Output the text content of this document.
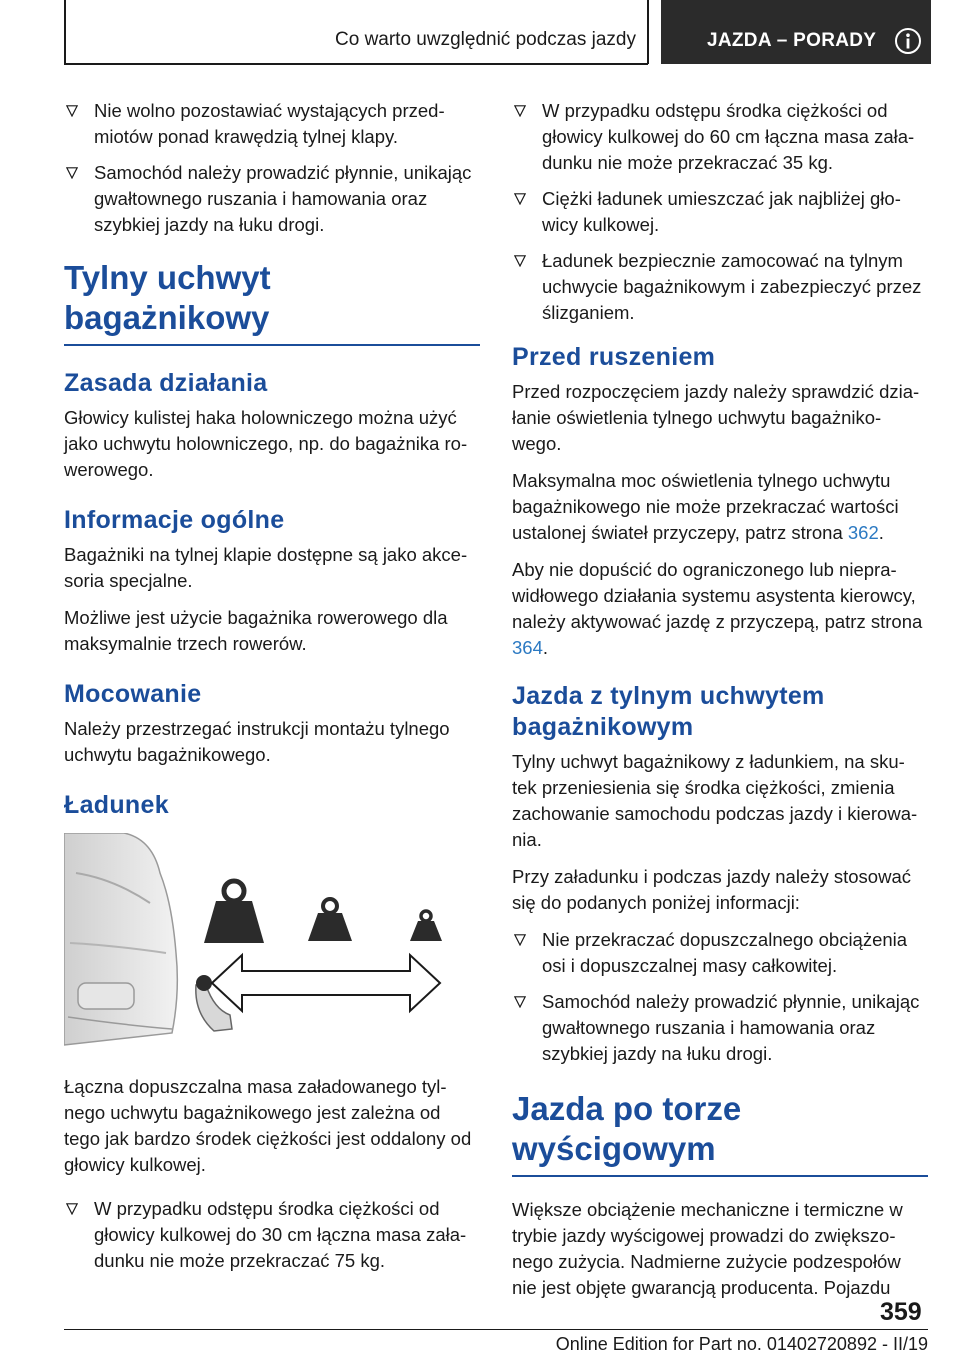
Co warto uwzględnić podczas jazdy	JAZDA – PORADY
Nie wolno pozostawiać wystających przed-miotów ponad krawędzią tylnej klapy.
Samochód należy prowadzić płynnie, unikając gwałtownego ruszania i hamowania oraz szybkiej jazdy na łuku drogi.
Tylny uchwyt bagażnikowy
Zasada działania

Głowicy kulistej haka holowniczego można użyć jako uchwytu holowniczego, np. do bagażnika ro-werowego.

Informacje ogólne

Bagażniki na tylnej klapie dostępne są jako akce-soria specjalne.

Możliwe jest użycie bagażnika rowerowego dla maksymalnie trzech rowerów.

Mocowanie

Należy przestrzegać instrukcji montażu tylnego uchwytu bagażnikowego.

Ładunek

Łączna dopuszczalna masa załadowanego tyl-nego uchwytu bagażnikowego jest zależna od tego jak bardzo środek ciężkości jest oddalony od głowicy kulkowej.

W przypadku odstępu środka ciężkości od głowicy kulkowej do 30 cm łączna masa zała-dunku nie może przekraczać 75 kg.
W przypadku odstępu środka ciężkości od głowicy kulkowej do 60 cm łączna masa zała-dunku nie może przekraczać 35 kg.
Ciężki ładunek umieszczać jak najbliżej gło-wicy kulkowej.
Ładunek bezpiecznie zamocować na tylnym uchwycie bagażnikowym i zabezpieczyć przez ślizganiem.
Przed ruszeniem

Przed rozpoczęciem jazdy należy sprawdzić dzia-łanie oświetlenia tylnego uchwytu bagażniko-wego.

Maksymalna moc oświetlenia tylnego uchwytu bagażnikowego nie może przekraczać wartości ustalonej świateł przyczepy, patrz strona 362.

Aby nie dopuścić do ograniczonego lub niepra-widłowego działania systemu asystenta kierowcy, należy aktywować jazdę z przyczepą, patrz strona 364.

Jazda z tylnym uchwytem bagażnikowym

Tylny uchwyt bagażnikowy z ładunkiem, na sku-tek przeniesienia się środka ciężkości, zmienia zachowanie samochodu podczas jazdy i kierowa-nia.

Przy załadunku i podczas jazdy należy stosować się do podanych poniżej informacji:

Nie przekraczać dopuszczalnego obciążenia osi i dopuszczalnej masy całkowitej.
Samochód należy prowadzić płynnie, unikając gwałtownego ruszania i hamowania oraz szybkiej jazdy na łuku drogi.
Jazda po torze wyścigowym

Większe obciążenie mechaniczne i termiczne w trybie jazdy wyścigowej prowadzi do zwiększo-nego zużycia. Nadmierne zużycie podzespołów nie jest objęte gwarancją producenta. Pojazdu

359
Online Edition for Part no. 01402720892 - II/19
